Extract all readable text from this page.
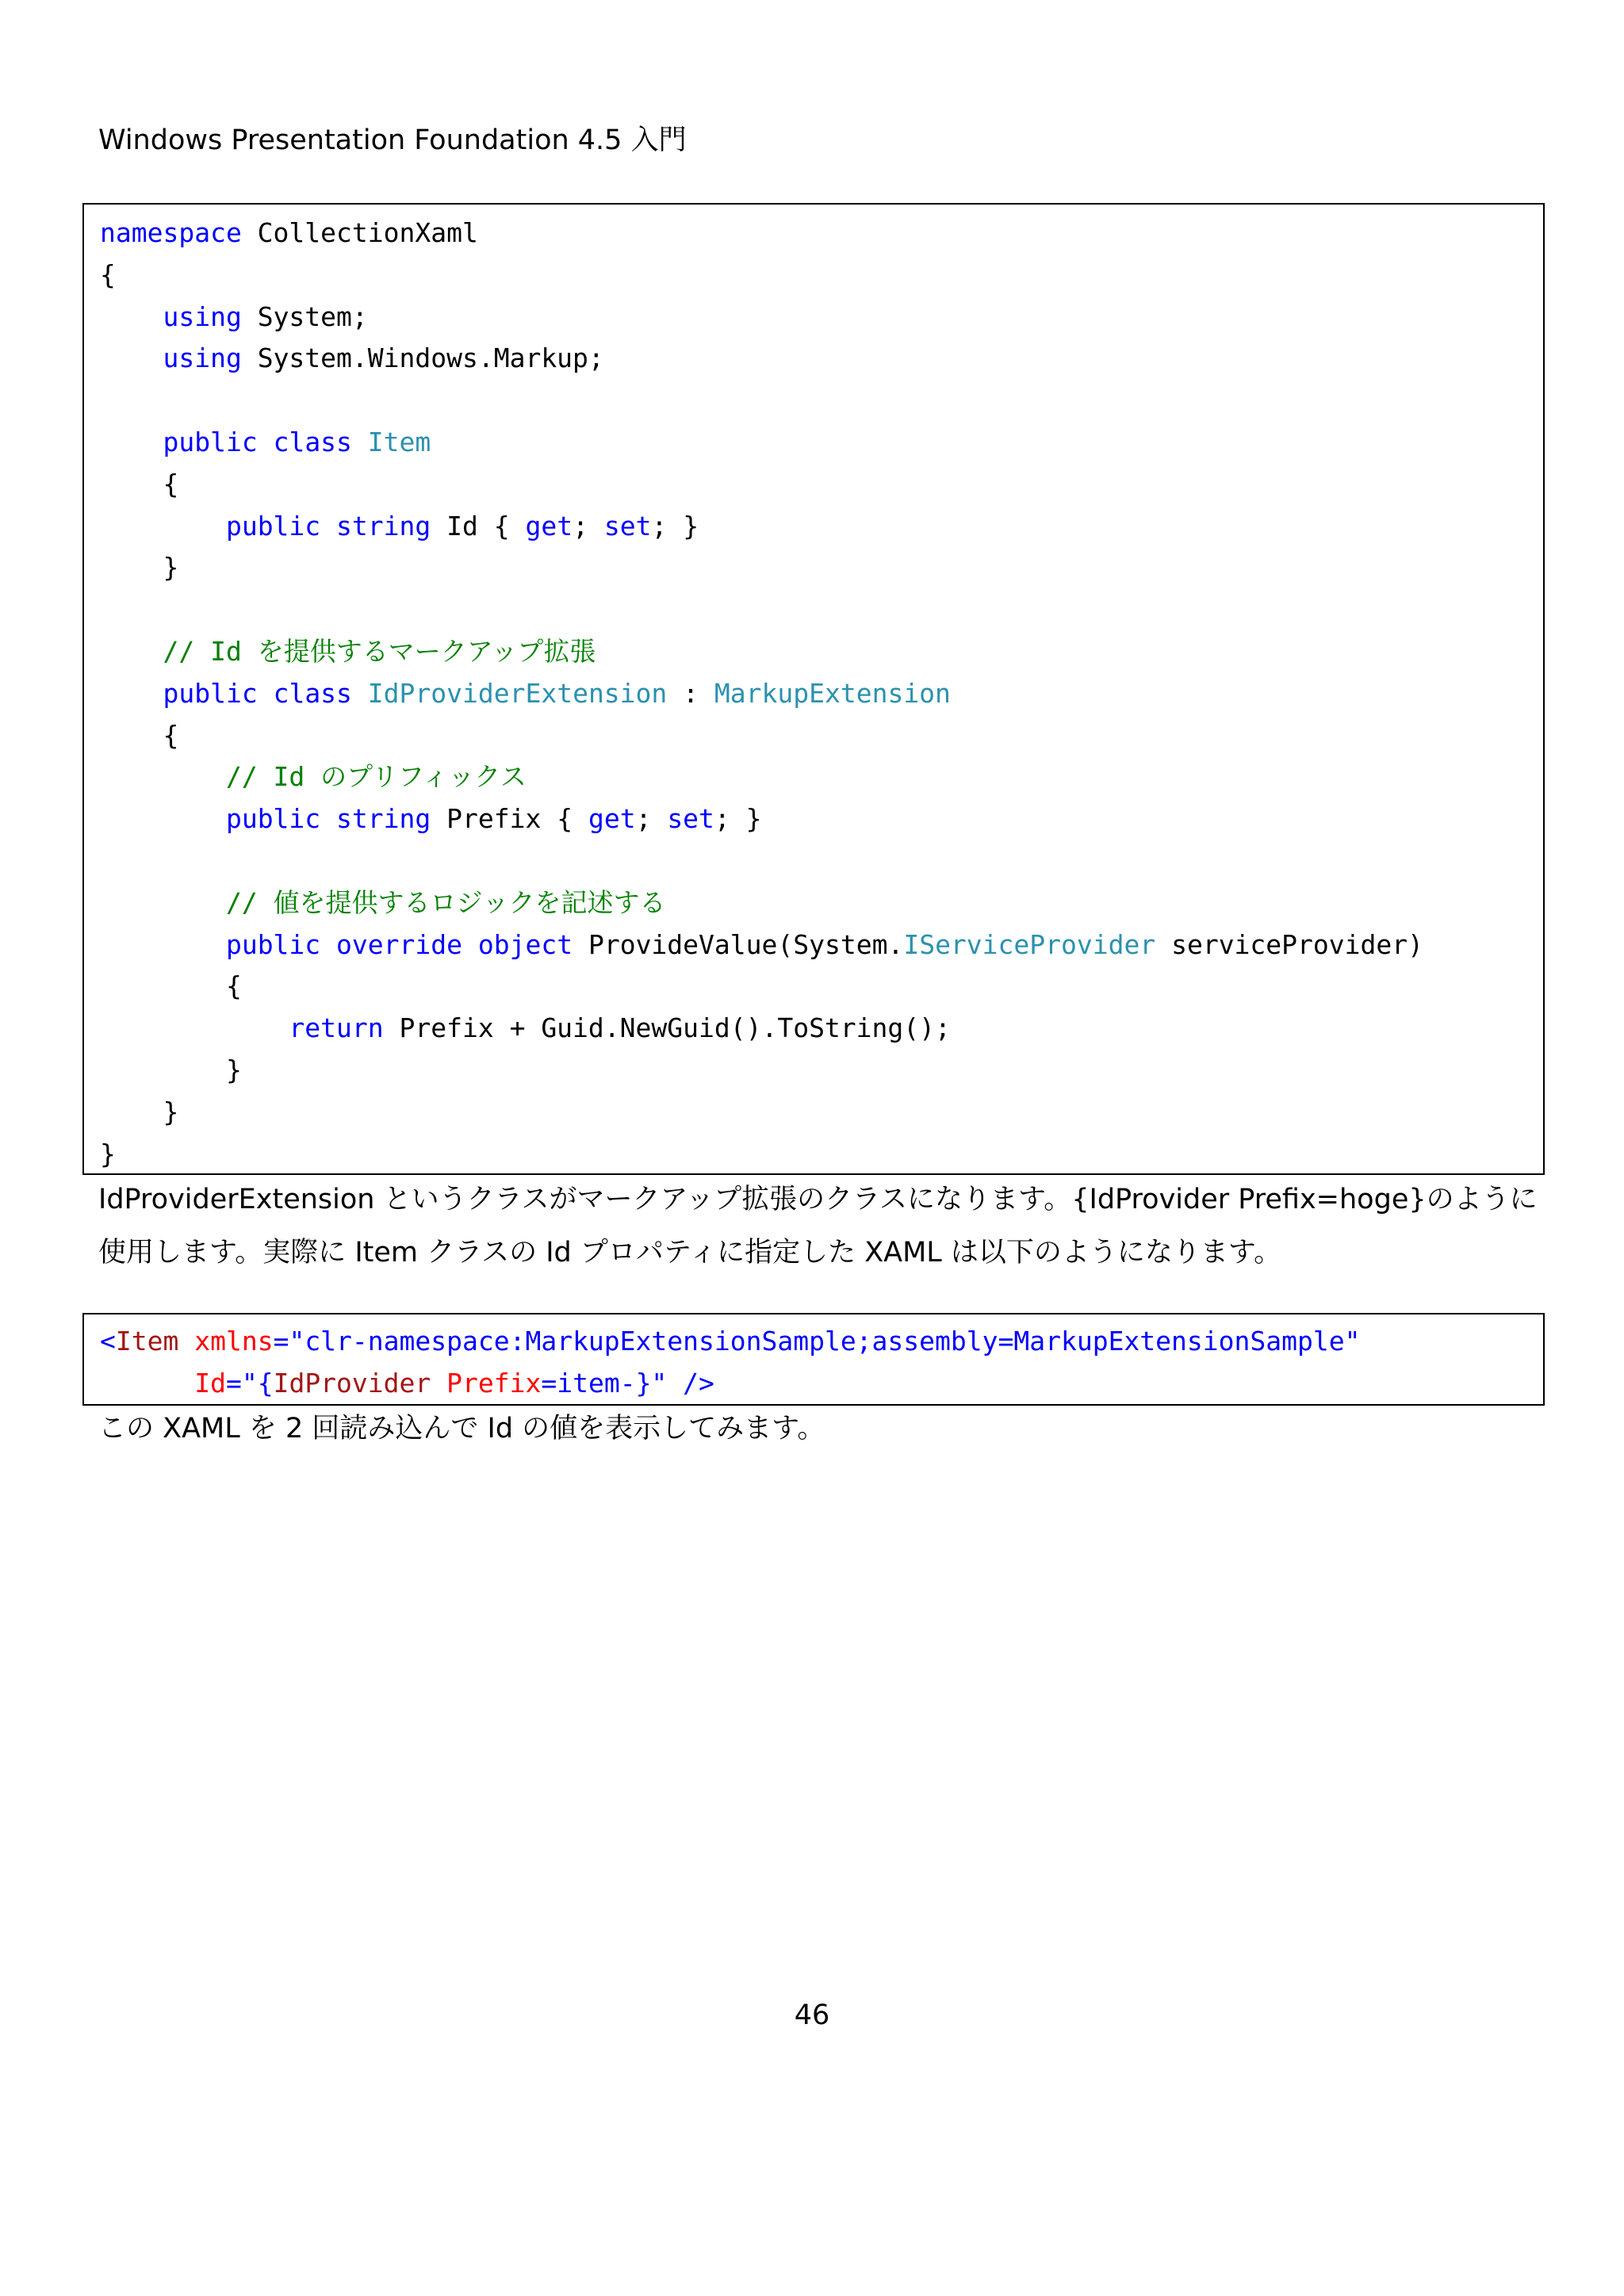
Windows Presentation Foundation 4.5 入門
namespace CollectionXaml
{
using System;
using System.Windows.Markup;

public class Item
{
public string Id { get; set; }
}

// Id を提供するマークアップ拡張
public class IdProviderExtension : MarkupExtension
{
// Id のプリフィックス
public string Prefix { get; set; }

// 値を提供するロジックを記述する
public override object ProvideValue(System.IServiceProvider serviceProvider)
{
return Prefix + Guid.NewGuid().ToString();
}
}
}
IdProviderExtension というクラスがマークアップ拡張のクラスになります。{IdProvider Prefix=hoge}のように
使用します。実際に Item クラスの Id プロパティに指定した XAML は以下のようになります。
<Item xmlns="clr-namespace:MarkupExtensionSample;assembly=MarkupExtensionSample"
Id="{IdProvider Prefix=item-}" />
この XAML を 2 回読み込んで Id の値を表示してみます。
46
